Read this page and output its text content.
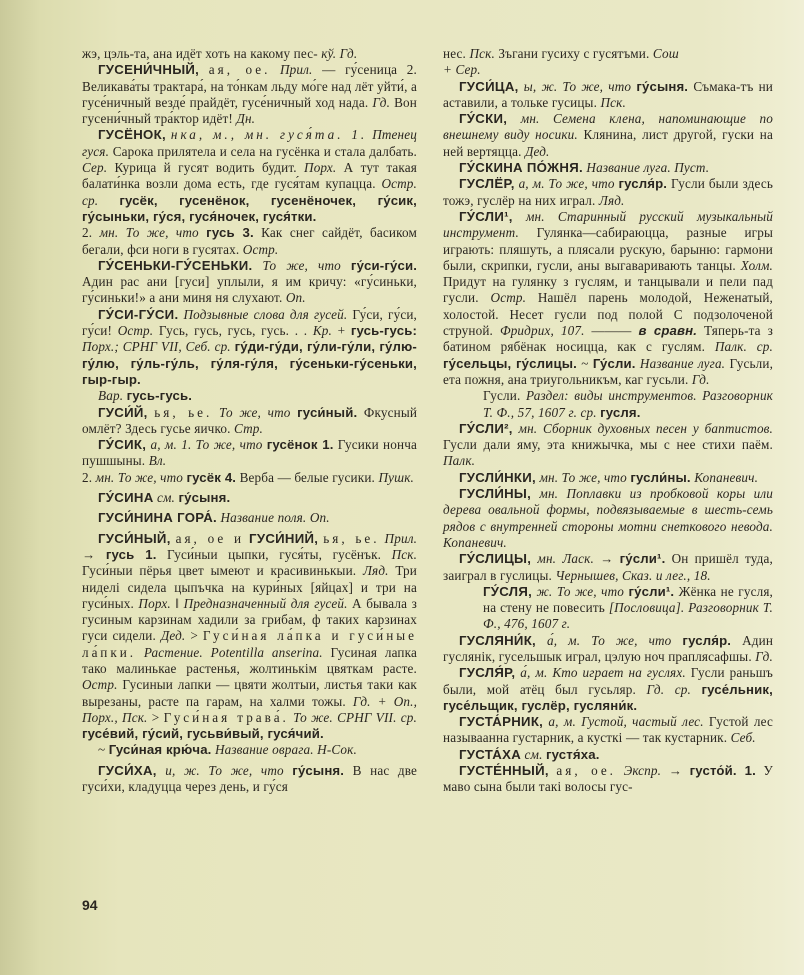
жэ, цэль-та, ана идёт хоть на какому пес- кў. Гд.

ГУСЕНИ́ЧНЫЙ, ая, ое. Прил. — гу́сеница 2. Великава́ты трактара́, на то́нкам льду мо́ге над лёт уйти́, а гусе́ничный везде́ прайдёт, гусе́ничный ход нада. Гд. Вон гусени́чный тра́ктор идёт! Дн.

ГУСЁНОК, нка, м., мн. гуся́та. 1. Птенец гуся. Сарока прилятела и села на гусёнка и стала далбать. Сер. Курица й гусят водить будит. Порх. А тут такая балати́нка возли дома есть, где гуся́там купацца. Остр. ср. гусёк, гусенёнок, гусенёночек, гу́сик, гу́сыньки, гу́ся, гуся́ночек, гуся́тки.
2. мн. То же, что гусь 3. Как снег сайдёт, басиком бегали, фси ноги в гусятах. Остр.

ГУ́СЕНЬКИ-ГУ́СЕНЬКИ. То же, что гу́си-гу́си. Адин рас ани [гуси] уплыли, я им кричу: «гу́синьки, гу́синьки!» а ани миня ня слухают. Оп.

ГУ́СИ-ГУ́СИ. Подзывные слова для гусей. Гу́си, гу́си, гу́си! Остр. Гусь, гусь, гусь, гусь. . . Кр. + гусь-гусь: Порх.; СРНГ VII, Себ. ср. гу́ди-гу́ди, гу́ли-гу́ли, гу́лю-гу́лю, гу́ль-гу́ль, гу́ля-гу́ля, гу́сеньки-гу́сеньки, гыр-гыр.

Вар. гусь-гусь.

ГУСИ́Й, ья, ье. То же, что гуси́ный. Фкусный омлёт? Здесь гусье яичко. Стр.

ГУ́СИК, а, м. 1. То же, что гусёнок 1. Гусики нонча пушшыны. Вл.
2. мн. То же, что гусёк 4. Верба — белые гусики. Пушк.

ГУ́СИНА см. гу́сыня.

ГУСИ́НИНА ГОРА́. Название поля. Оп.

ГУСИ́НЫЙ, ая, ое и ГУСИ́НИЙ, ья, ье. Прил. → гусь 1. Гуси́ныи цыпки, гуся́ты, гусёнък. Пск. Гуси́ныи пёрья цвет ымеют и красивинькыи. Ляд. Три ниделі сидела цыпъчка на кури́ных [яйцах] и три на гуси́ных. Порх. ‖ Предназначенный для гусей. А бывала з гусиным карзинам хадили за грибам, ф таких карзинах гуси сидели. Дед. > Гуси́ная ла́пка и гуси́ные ла́пки. Растение. Potentilla anserina. Гусиная лапка тако малинькае растенья, жолтинькім цвяткам расте. Остр. Гусиныи лапки — цвяти жолтыи, листья таки как вырезаны, расте па гарам, на халми тожы. Гд. + Оп., Порх., Пск. > Гуси́ная трава́. То же. СРНГ VII. ср. гусе́вий, гу́сий, гусьви́вый, гуся́чий.

~ Гуси́ная крю́ча. Название оврага. Н-Сок.

ГУСИ́ХА, и, ж. То же, что гу́сыня. В нас две гуси́хи, кладуцца через день, и гу́ся

нес. Пск. Зъгани гусиху с гусятъми. Сош
+ Сер.

ГУСИ́ЦА, ы, ж. То же, что гу́сыня. Съмака-тъ ни аставили, а тольке гусицы. Пск.

ГУ́СКИ, мн. Семена клена, напоминающие по внешнему виду носики. Клянина, лист другой, гуски на ней вертяцца. Дед.

ГУ́СКИНА ПО́ЖНЯ. Название луга. Пуст.

ГУСЛЁР, а, м. То же, что гусля́р. Гусли были здесь тожэ, гуслёр на них играл. Ляд.

ГУ́СЛИ¹, мн. Старинный русский музыкальный инструмент. Гулянка—сабираюцца, разные игры играють: пляшуть, а плясали рускую, барыню: гармони были, скрипки, гусли, аны выгаваривають танцы. Холм. Придут на гулянку з гуслям, и танцывали и пели пад гусли. Остр. Нашёл парень молодой, Неженатый, холостой. Несет гусли под полой С подзолоченой струной. Фридрих, 107. ——— в сравн. Тяперь-та з батином рябёнак носицца, как с гуслям. Палк. ср. гу́сельцы, гу́слицы. ~ Гу́сли. Название луга. Гусьли, ета пожня, ана триугольникъм, каг гусьли. Гд.

Гусли. Раздел: виды инструментов. Разговорник Т. Ф., 57, 1607 г. ср. гусля.

ГУ́СЛИ², мн. Сборник духовных песен у баптистов. Гусли дали яму, эта книжычка, мы с нее стихи паём. Палк.

ГУСЛИ́НКИ, мн. То же, что гусли́ны. Копаневич.

ГУСЛИ́НЫ, мн. Поплавки из пробковой коры или дерева овальной формы, подвязываемые в шесть-семь рядов с внутренней стороны мотни снеткового невода. Копаневич.

ГУ́СЛИЦЫ, мн. Ласк. → гу́сли¹. Он пришёл туда, заиграл в гуслицы. Чернышев, Сказ. и лег., 18.

ГУ́СЛЯ, ж. То же, что гу́сли¹. Жёнка не гусля, на стену не повесить [Пословица]. Разговорник Т. Ф., 476, 1607 г.

ГУСЛЯНИ́К, а́, м. То же, что гусля́р. Адин гуслянік, гусельшык играл, цэлую ноч праплясафшы. Гд.

ГУСЛЯ́Р, а́, м. Кто играет на гуслях. Гусли раньшъ были, мой атёц был гусьляр. Гд. ср. гусе́льник, гусе́льщик, гуслёр, гусляни́к.

ГУСТА́РНИК, а, м. Густой, частый лес. Густой лес называанна густарник, а кусткі — так кустарник. Себ.

ГУСТА́ХА см. густя́ха.

ГУСТЕ́ННЫЙ, ая, ое. Экспр. → густо́й. 1. У маво сына были такі волосы гус-

94
